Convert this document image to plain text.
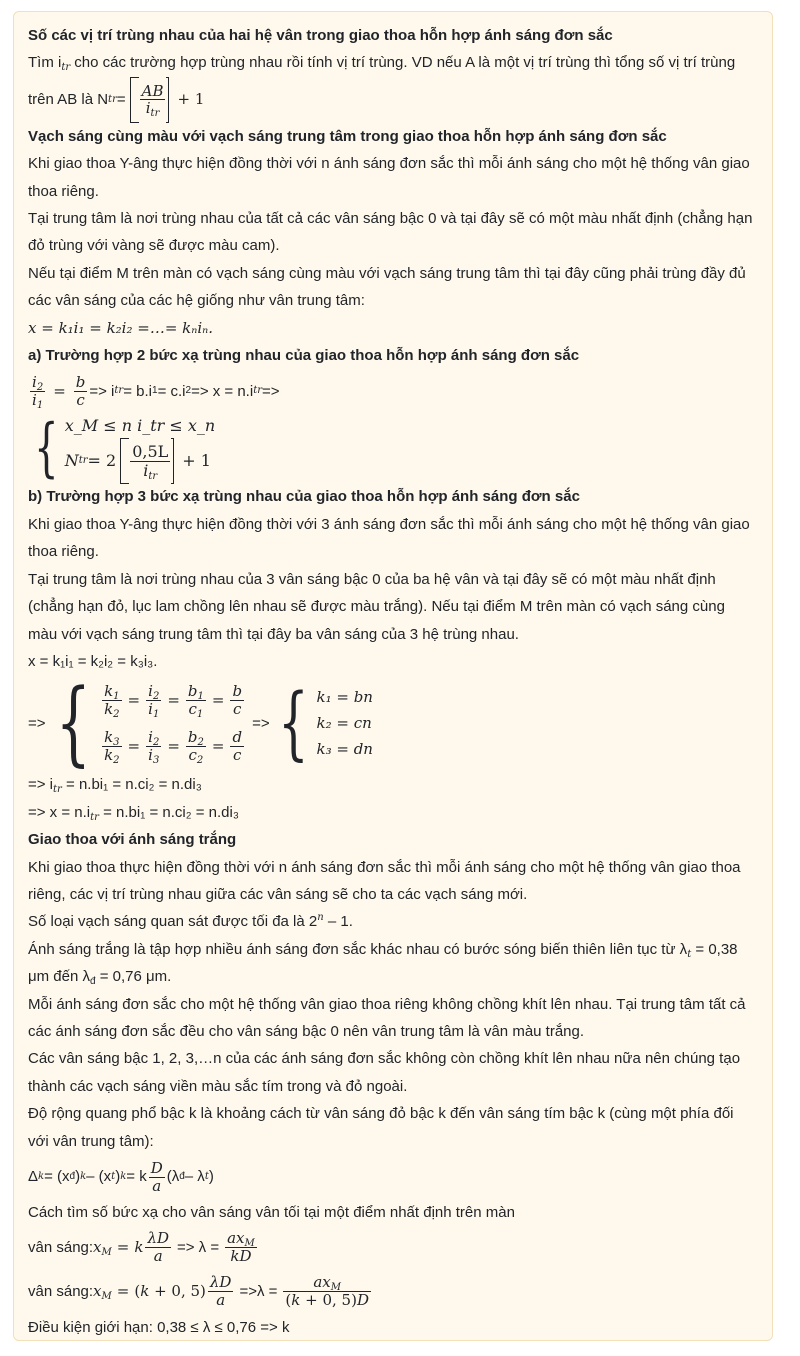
Số các vị trí trùng nhau của hai hệ vân trong giao thoa hỗn hợp ánh sáng đơn sắc

Tìm $i_{tr}$ cho các trường hợp trùng nhau rồi tính vị trí trùng. VD nếu A là một vị trí trùng thì tổng số vị trí trùng

trên AB là N tr = $\frac{AB}{i_{tr}} + 1$

Vạch sáng cùng màu với vạch sáng trung tâm trong giao thoa hỗn hợp ánh sáng đơn sắc

Khi giao thoa Y-âng thực hiện đồng thời với n ánh sáng đơn sắc thì mỗi ánh sáng cho một hệ thống vân giao

thoa riêng.

Tại trung tâm là nơi trùng nhau của tất cả các vân sáng bậc 0 và tại đây sẽ có một màu nhất định (chẳng hạn

đỏ trùng với vàng sẽ được màu cam).

Nếu tại điểm M trên màn có vạch sáng cùng màu với vạch sáng trung tâm thì tại đây cũng phải trùng đầy đủ

các vân sáng của các hệ giống như vân trung tâm:

x = k₁i₁ = k₂i₂ =…= kₙiₙ.

a) Trường hợp 2 bức xạ trùng nhau của giao thoa hỗn hợp ánh sáng đơn sắc

$\frac{i_2}{i_1} = \frac{b}{c} => i$ tr = b.i 1 = c.i 2 => x = n.i tr =>
{ x_M ≤ n i_tr ≤ x_n
N tr = $2 \frac{0,5L}{i_{tr}} + 1$

b) Trường hợp 3 bức xạ trùng nhau của giao thoa hỗn hợp ánh sáng đơn sắc

Khi giao thoa Y-âng thực hiện đồng thời với 3 ánh sáng đơn sắc thì mỗi ánh sáng cho một hệ thống vân giao

thoa riêng.

Tại trung tâm là nơi trùng nhau của 3 vân sáng bậc 0 của ba hệ vân và tại đây sẽ có một màu nhất định

(chẳng hạn đỏ, lục lam chồng lên nhau sẽ được màu trắng). Nếu tại điểm M trên màn có vạch sáng cùng

màu với vạch sáng trung tâm thì tại đây ba vân sáng của 3 hệ trùng nhau.

x = k₁i₁ = k₂i₂ = k₃i₃.

=> { $\frac{k_1}{k_2} = \frac{i_2}{i_1} = \frac{b_1}{c_1} = \frac{b}{c}$
$\frac{k_3}{k_2} = \frac{i_2}{i_3} = \frac{b_2}{c_2} = \frac{d}{c}$
=> { k₁ = bn
k₂ = cn
k₃ = dn

=> $i_{tr} = n.bi_1 = n.ci_2 = n.di_3$

=> $x = n.i_{tr} = n.bi_1 = n.ci_2 = n.di_3$

Giao thoa với ánh sáng trắng

Khi giao thoa thực hiện đồng thời với n ánh sáng đơn sắc thì mỗi ánh sáng cho một hệ thống vân giao thoa

riêng, các vị trí trùng nhau giữa các vân sáng sẽ cho ta các vạch sáng mới.

Số loại vạch sáng quan sát được tối đa là 2$^n$ – 1.

Ánh sáng trắng là tập hợp nhiều ánh sáng đơn sắc khác nhau có bước sóng biến thiên liên tục từ $\lambda_t = 0,38$

μm đến $\lambda_đ = 0,76$ μm.

Mỗi ánh sáng đơn sắc cho một hệ thống vân giao thoa riêng không chồng khít lên nhau. Tại trung tâm tất cả

các ánh sáng đơn sắc đều cho vân sáng bậc 0 nên vân trung tâm là vân màu trắng.

Các vân sáng bậc 1, 2, 3,…n của các ánh sáng đơn sắc không còn chồng khít lên nhau nữa nên chúng tạo

thành các vạch sáng viền màu sắc tím trong và đỏ ngoài.

Độ rộng quang phổ bậc k là khoảng cách từ vân sáng đỏ bậc k đến vân sáng tím bậc k (cùng một phía đối

với vân trung tâm):

Δ k = (x đ ) k – (x t ) k = k $\frac{D}{a} (\lambda$ đ – λ t )

Cách tìm số bức xạ cho vân sáng vân tối tại một điểm nhất định trên màn

vân sáng: $x_M = k \frac{\lambda D}{a} => \lambda = \frac{ax_M}{kD}$
vân sáng: $x_M = (k + 0$, $5) \frac{\lambda D}{a} =>\lambda = \frac{ax_M}{(k + 0, 5)D}$

Điều kiện giới hạn: 0,38 ≤ λ ≤ 0,76 => k
